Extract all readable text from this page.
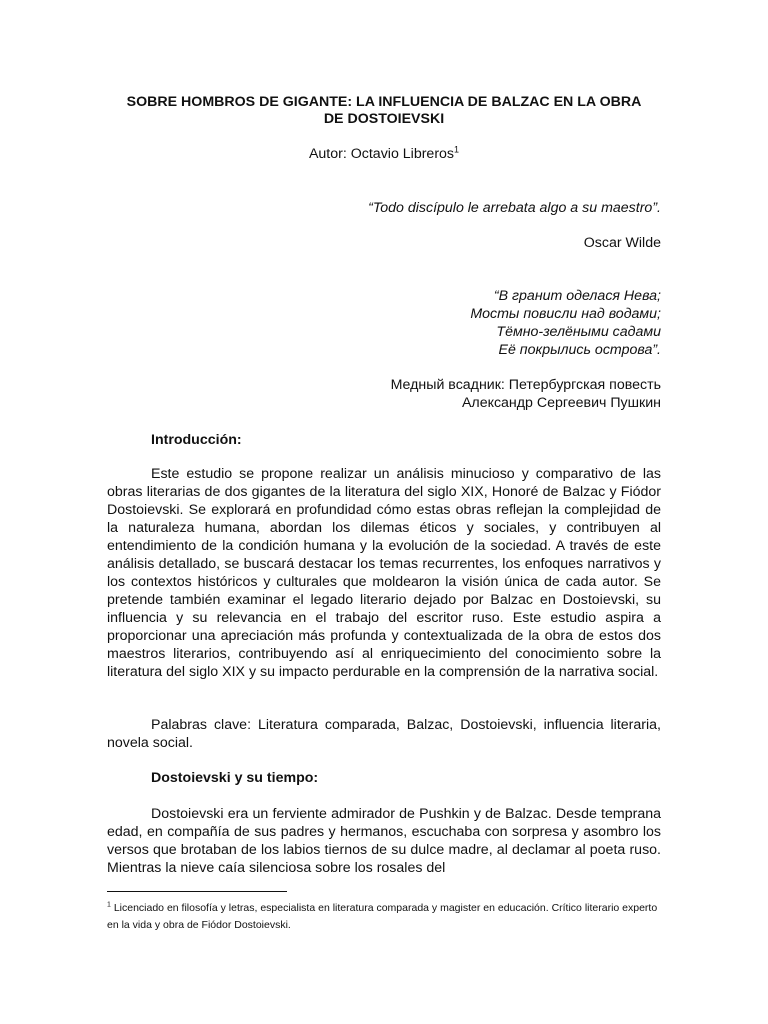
SOBRE HOMBROS DE GIGANTE: LA INFLUENCIA DE BALZAC EN LA OBRA
DE DOSTOIEVSKI
Autor: Octavio Libreros$^1$
“Todo discípulo le arrebata algo a su maestro”.
Oscar Wilde
“В гранит оделася Нева;
Мосты повисли над водами;
Тёмно-зелёными садами
Её покрылись острова”.
Медный всадник: Петербургская повесть
Александр Сергеевич Пушкин
Introducción:

Este estudio se propone realizar un análisis minucioso y comparativo de las obras literarias de dos gigantes de la literatura del siglo XIX, Honoré de Balzac y Fiódor Dostoievski. Se explorará en profundidad cómo estas obras reflejan la complejidad de la naturaleza humana, abordan los dilemas éticos y sociales, y contribuyen al entendimiento de la condición humana y la evolución de la sociedad. A través de este análisis detallado, se buscará destacar los temas recurrentes, los enfoques narrativos y los contextos históricos y culturales que moldearon la visión única de cada autor. Se pretende también examinar el legado literario dejado por Balzac en Dostoievski, su influencia y su relevancia en el trabajo del escritor ruso. Este estudio aspira a proporcionar una apreciación más profunda y contextualizada de la obra de estos dos maestros literarios, contribuyendo así al enriquecimiento del conocimiento sobre la literatura del siglo XIX y su impacto perdurable en la comprensión de la narrativa social.

Palabras clave: Literatura comparada, Balzac, Dostoievski, influencia literaria, novela social.

Dostoievski y su tiempo:

Dostoievski era un ferviente admirador de Pushkin y de Balzac. Desde temprana edad, en compañía de sus padres y hermanos, escuchaba con sorpresa y asombro los versos que brotaban de los labios tiernos de su dulce madre, al declamar al poeta ruso. Mientras la nieve caía silenciosa sobre los rosales del

$^1$ Licenciado en filosofía y letras, especialista en literatura comparada y magister en educación. Crítico literario experto en la vida y obra de Fiódor Dostoievski.
